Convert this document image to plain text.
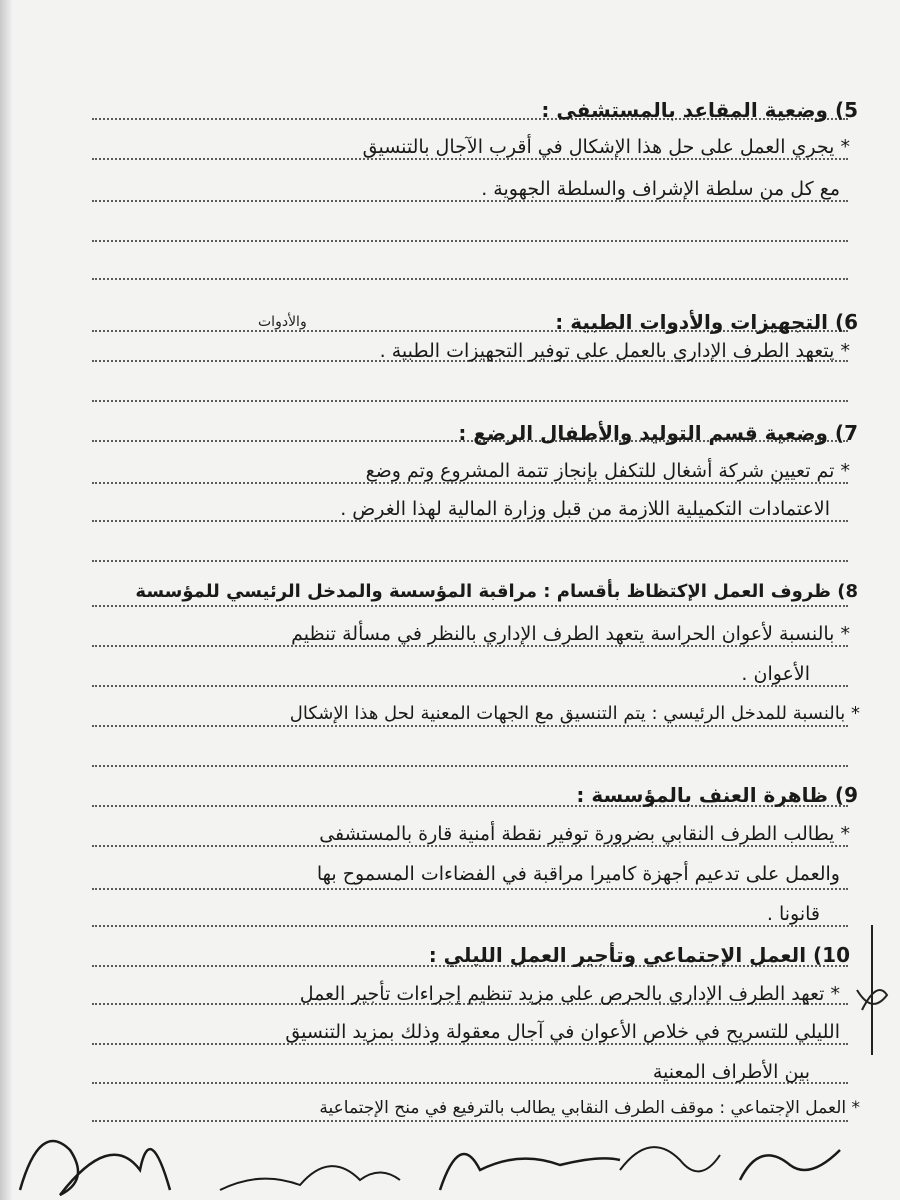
5) وضعية المقاعد بالمستشفى :
* يجري العمل على حل هذا الإشكال في أقرب الآجال بالتنسيق
مع كل من سلطة الإشراف والسلطة الجهوية .
والأدوات	6) التجهيزات والأدوات الطبية :
* يتعهد الطرف الإداري بالعمل على توفير التجهيزات الطبية .
7) وضعية قسم التوليد والأطفال الرضع :
* تم تعيين شركة أشغال للتكفل بإنجاز تتمة المشروع وتم وضع
الاعتمادات التكميلية اللازمة من قبل وزارة المالية لهذا الغرض .
8) ظروف العمل الإكتظاظ بأقسام : مراقبة المؤسسة والمدخل الرئيسي للمؤسسة
* بالنسبة لأعوان الحراسة يتعهد الطرف الإداري بالنظر في مسألة تنظيم
الأعوان .
* بالنسبة للمدخل الرئيسي : يتم التنسيق مع الجهات المعنية لحل هذا الإشكال
9) ظاهرة العنف بالمؤسسة :
* يطالب الطرف النقابي بضرورة توفير نقطة أمنية قارة بالمستشفى
والعمل على تدعيم أجهزة كاميرا مراقبة في الفضاءات المسموح بها
قانونا .
10) العمل الإجتماعي وتأجير العمل الليلي :
* تعهد الطرف الإداري بالحرص على مزيد تنظيم إجراءات تأجير العمل
الليلي للتسريح في خلاص الأعوان في آجال معقولة وذلك بمزيد التنسيق
بين الأطراف المعنية
* العمل الإجتماعي : موقف الطرف النقابي يطالب بالترفيع في منح الإجتماعية
